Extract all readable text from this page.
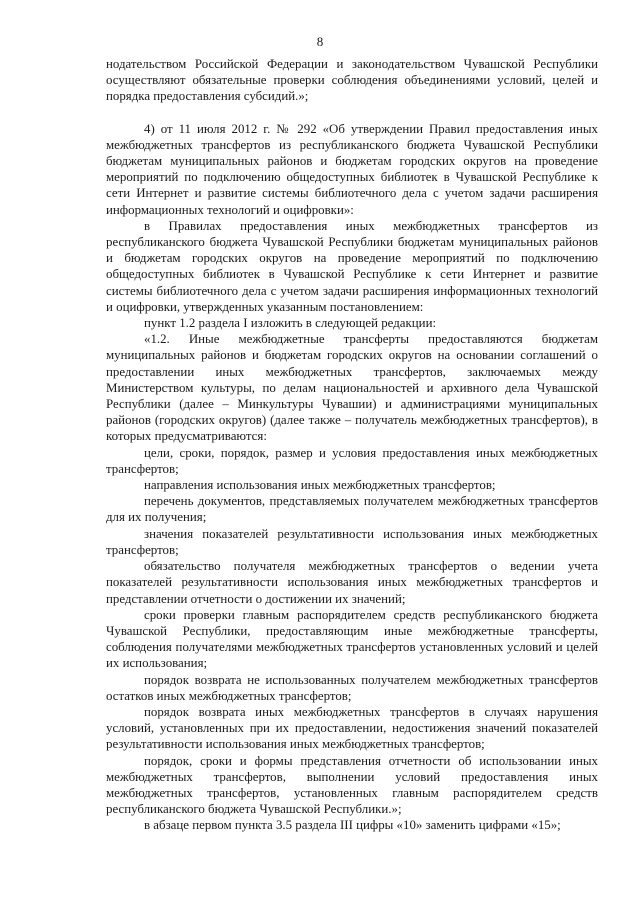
8

нодательством Российской Федерации и законодательством Чувашской Республики осуществляют обязательные проверки соблюдения объединениями условий, целей и порядка предоставления субсидий.»;

4) от 11 июля 2012 г. № 292 «Об утверждении Правил предоставления иных межбюджетных трансфертов из республиканского бюджета Чувашской Республики бюджетам муниципальных районов и бюджетам городских округов на проведение мероприятий по подключению общедоступных библиотек в Чувашской Республике к сети Интернет и развитие системы библиотечного дела с учетом задачи расширения информационных технологий и оцифровки»:

в Правилах предоставления иных межбюджетных трансфертов из республиканского бюджета Чувашской Республики бюджетам муниципальных районов и бюджетам городских округов на проведение мероприятий по подключению общедоступных библиотек в Чувашской Республике к сети Интернет и развитие системы библиотечного дела с учетом задачи расширения информационных технологий и оцифровки, утвержденных указанным постановлением:

пункт 1.2 раздела I изложить в следующей редакции:

«1.2. Иные межбюджетные трансферты предоставляются бюджетам муниципальных районов и бюджетам городских округов на основании соглашений о предоставлении иных межбюджетных трансфертов, заключаемых между Министерством культуры, по делам национальностей и архивного дела Чувашской Республики (далее – Минкультуры Чувашии) и администрациями муниципальных районов (городских округов) (далее также – получатель межбюджетных трансфертов), в которых предусматриваются:

цели, сроки, порядок, размер и условия предоставления иных межбюджетных трансфертов;

направления использования иных межбюджетных трансфертов;

перечень документов, представляемых получателем межбюджетных трансфертов для их получения;

значения показателей результативности использования иных межбюджетных трансфертов;

обязательство получателя межбюджетных трансфертов о ведении учета показателей результативности использования иных межбюджетных трансфертов и представлении отчетности о достижении их значений;

сроки проверки главным распорядителем средств республиканского бюджета Чувашской Республики, предоставляющим иные межбюджетные трансферты, соблюдения получателями межбюджетных трансфертов установленных условий и целей их использования;

порядок возврата не использованных получателем межбюджетных трансфертов остатков иных межбюджетных трансфертов;

порядок возврата иных межбюджетных трансфертов в случаях нарушения условий, установленных при их предоставлении, недостижения значений показателей результативности использования иных межбюджетных трансфертов;

порядок, сроки и формы представления отчетности об использовании иных межбюджетных трансфертов, выполнении условий предоставления иных межбюджетных трансфертов, установленных главным распорядителем средств республиканского бюджета Чувашской Республики.»;

в абзаце первом пункта 3.5 раздела III цифры «10» заменить цифрами «15»;
